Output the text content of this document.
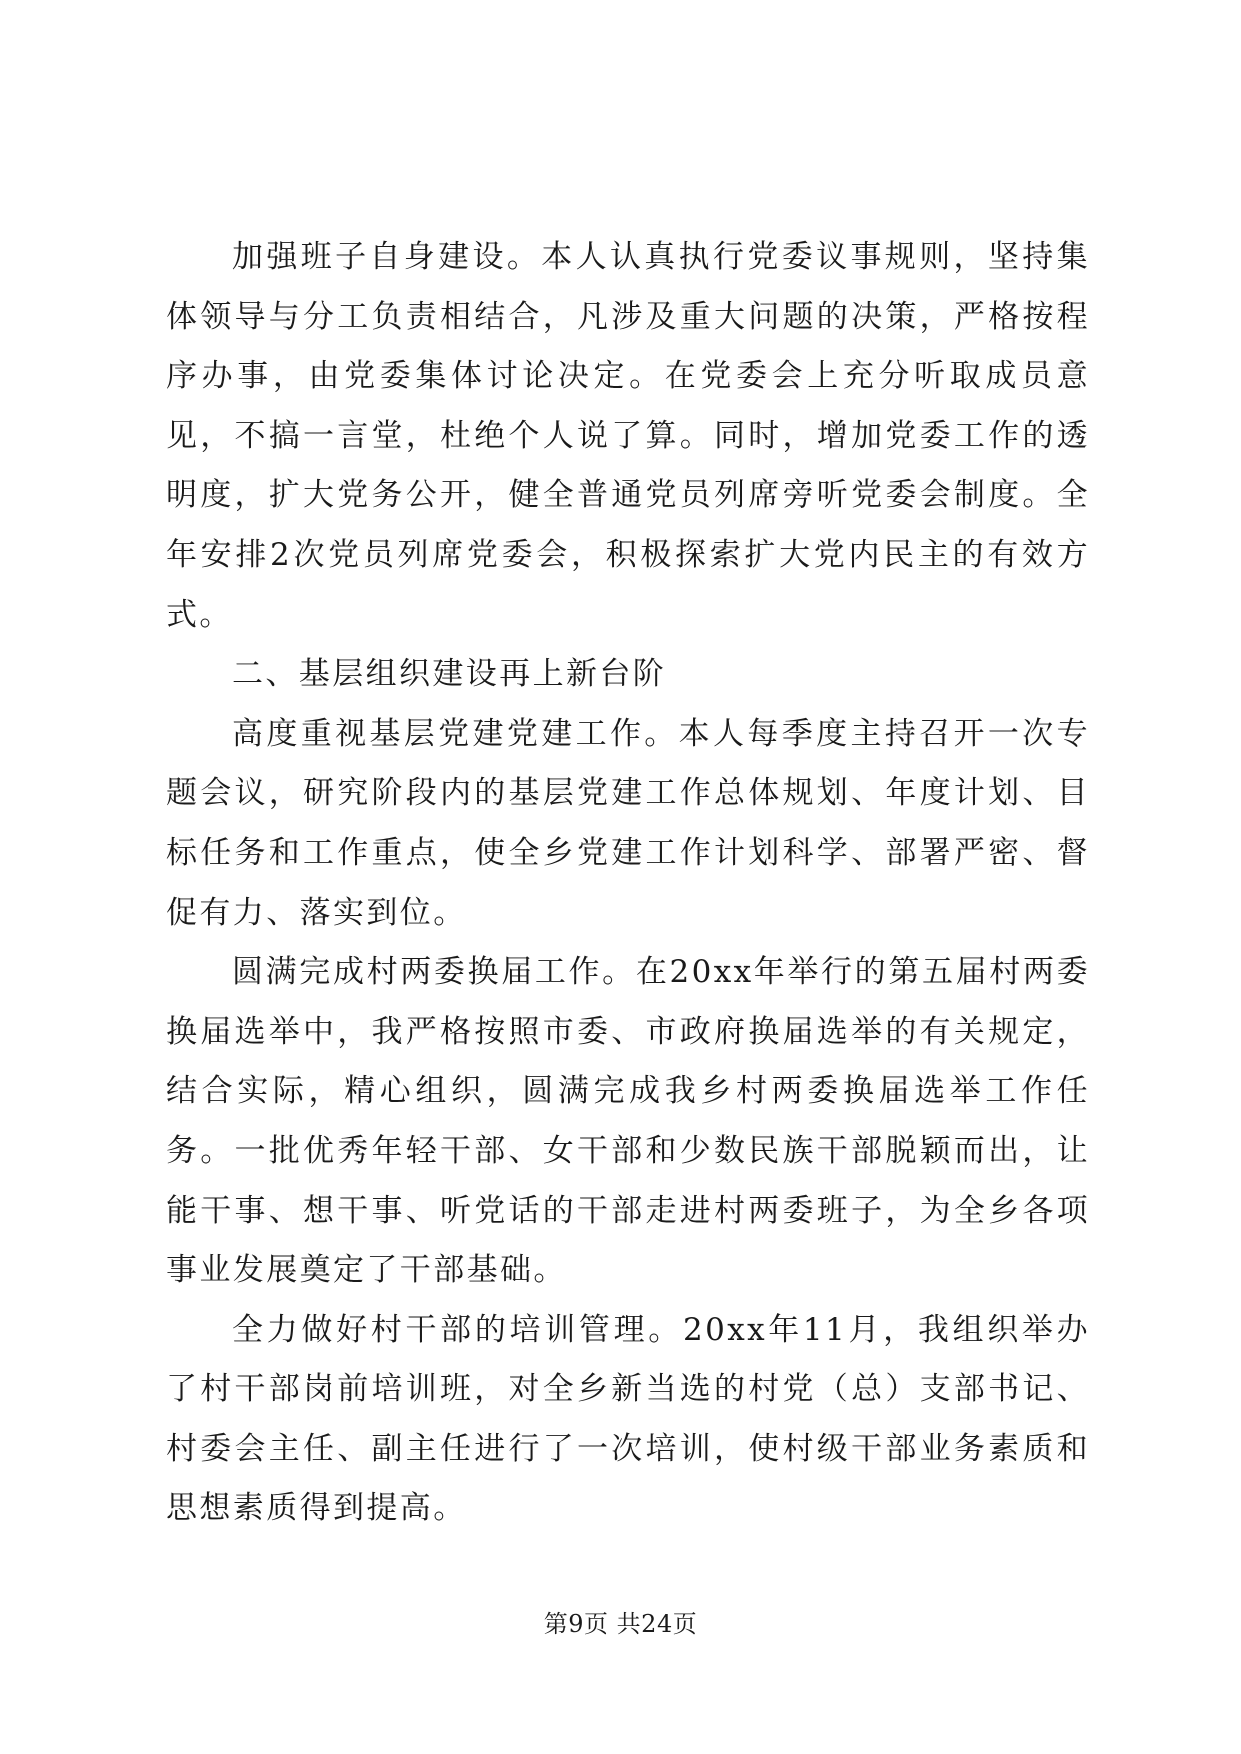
加强班子自身建设。本人认真执行党委议事规则，坚持集体领导与分工负责相结合，凡涉及重大问题的决策，严格按程序办事，由党委集体讨论决定。在党委会上充分听取成员意见，不搞一言堂，杜绝个人说了算。同时，增加党委工作的透明度，扩大党务公开，健全普通党员列席旁听党委会制度。全年安排2次党员列席党委会，积极探索扩大党内民主的有效方式。

二、基层组织建设再上新台阶

高度重视基层党建党建工作。本人每季度主持召开一次专题会议，研究阶段内的基层党建工作总体规划、年度计划、目标任务和工作重点，使全乡党建工作计划科学、部署严密、督促有力、落实到位。

圆满完成村两委换届工作。在20xx年举行的第五届村两委换届选举中，我严格按照市委、市政府换届选举的有关规定，结合实际，精心组织，圆满完成我乡村两委换届选举工作任务。一批优秀年轻干部、女干部和少数民族干部脱颖而出，让能干事、想干事、听党话的干部走进村两委班子，为全乡各项事业发展奠定了干部基础。

全力做好村干部的培训管理。20xx年11月，我组织举办了村干部岗前培训班，对全乡新当选的村党（总）支部书记、村委会主任、副主任进行了一次培训，使村级干部业务素质和思想素质得到提高。

第9页 共24页
